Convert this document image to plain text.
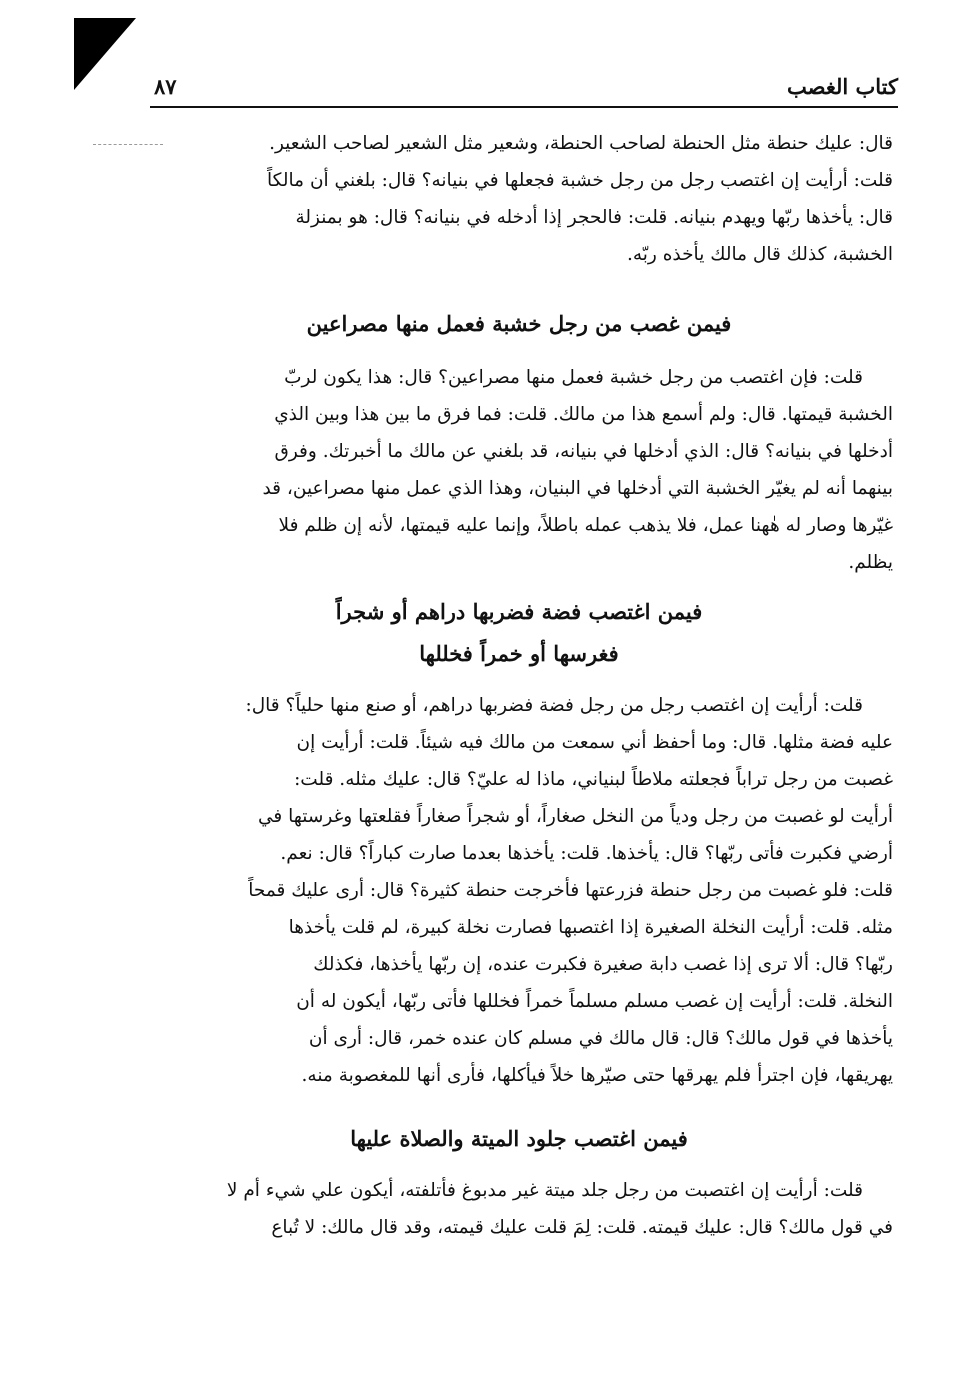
كتاب الغصب
٨٧

قال: عليك حنطة مثل الحنطة لصاحب الحنطة، وشعير مثل الشعير لصاحب الشعير.

قلت: أرأيت إن اغتصب رجل من رجل خشبة فجعلها في بنيانه؟ قال: بلغني أن مالكاً

قال: يأخذها ربّها ويهدم بنيانه. قلت: فالحجر إذا أدخله في بنيانه؟ قال: هو بمنزلة

الخشبة، كذلك قال مالك يأخذه ربّه.

فيمن غصب من رجل خشبة فعمل منها مصراعين

قلت: فإن اغتصب من رجل خشبة فعمل منها مصراعين؟ قال: هذا يكون لربّ

الخشبة قيمتها. قال: ولم أسمع هذا من مالك. قلت: فما فرق ما بين هذا وبين الذي

أدخلها في بنيانه؟ قال: الذي أدخلها في بنيانه، قد بلغني عن مالك ما أخبرتك. وفرق

بينهما أنه لم يغيّر الخشبة التي أدخلها في البنيان، وهذا الذي عمل منها مصراعين، قد

غيّرها وصار له هٰهنا عمل، فلا يذهب عمله باطلاً، وإنما عليه قيمتها، لأنه إن ظلم فلا

يظلم.

فيمن اغتصب فضة فضربها دراهم أو شجراً
فغرسها أو خمراً فخللها

قلت: أرأيت إن اغتصب رجل من رجل فضة فضربها دراهم، أو صنع منها حلياً؟ قال:

عليه فضة مثلها. قال: وما أحفظ أني سمعت من مالك فيه شيئاً. قلت: أرأيت إن

غصبت من رجل تراباً فجعلته ملاطاً لبنياني، ماذا له عليّ؟ قال: عليك مثله. قلت:

أرأيت لو غصبت من رجل ودياً من النخل صغاراً، أو شجراً صغاراً فقلعتها وغرستها في

أرضي فكبرت فأتى ربّها؟ قال: يأخذها. قلت: يأخذها بعدما صارت كباراً؟ قال: نعم.

قلت: فلو غصبت من رجل حنطة فزرعتها فأخرجت حنطة كثيرة؟ قال: أرى عليك قمحاً

مثله. قلت: أرأيت النخلة الصغيرة إذا اغتصبها فصارت نخلة كبيرة، لم قلت يأخذها

ربّها؟ قال: ألا ترى إذا غصب دابة صغيرة فكبرت عنده، إن ربّها يأخذها، فكذلك

النخلة. قلت: أرأيت إن غصب مسلم مسلماً خمراً فخللها فأتى ربّها، أيكون له أن

يأخذها في قول مالك؟ قال: قال مالك في مسلم كان عنده خمر، قال: أرى أن

يهريقها، فإن اجترأ فلم يهرقها حتى صيّرها خلاً فيأكلها، فأرى أنها للمغصوبة منه.

فيمن اغتصب جلود الميتة والصلاة عليها

قلت: أرأيت إن اغتصبت من رجل جلد ميتة غير مدبوغ فأتلفته، أيكون علي شيء أم لا

في قول مالك؟ قال: عليك قيمته. قلت: لِمَ قلت عليك قيمته، وقد قال مالك: لا تُباع
